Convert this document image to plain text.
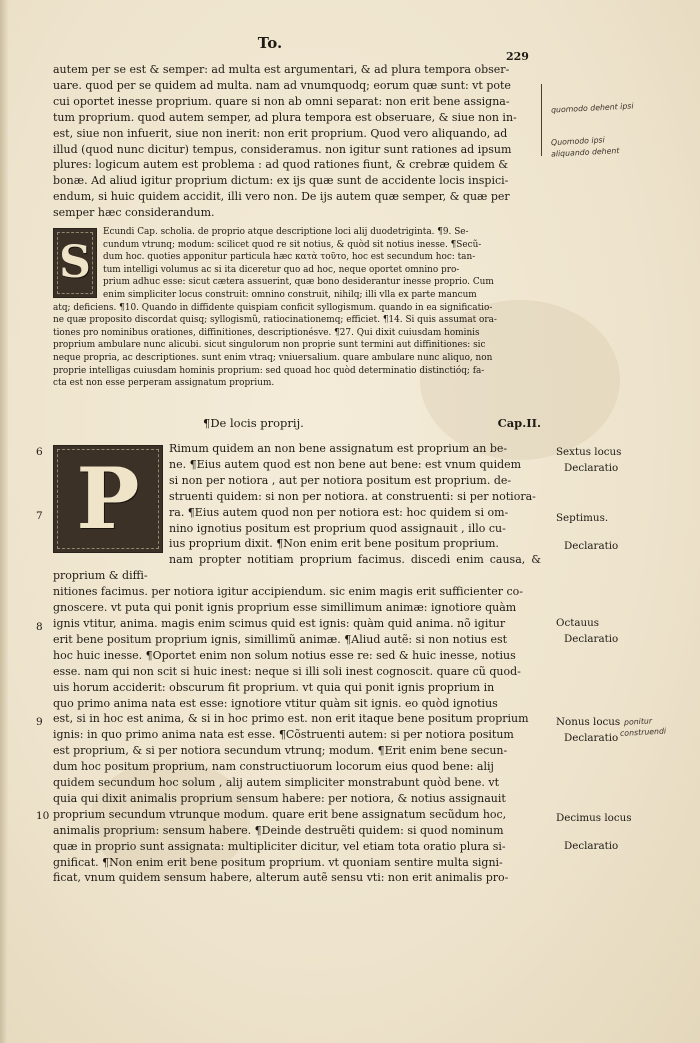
To.
229

autem per se est & semper: ad multa est argumentari, & ad plura tempora obser-

uare. quod per se quidem ad multa. nam ad vnumquodq; eorum quæ sunt: vt pote

cui oportet inesse proprium. quare si non ab omni separat: non erit bene assigna-

tum proprium. quod autem semper, ad plura tempora est obseruare, & siue non in-

est, siue non infuerit, siue non inerit: non erit proprium. Quod vero aliquando, ad

illud (quod nunc dicitur) tempus, consideramus. non igitur sunt rationes ad ipsum

plures: logicum autem est problema : ad quod rationes fiunt, & crebræ quidem &

bonæ. Ad aliud igitur proprium dictum: ex ijs quæ sunt de accidente locis inspici-

endum, si huic quidem accidit, illi vero non. De ijs autem quæ semper, & quæ per

semper hæc considerandum.

S

Ecundi Cap. scholia. de proprio atque descriptione loci alij duodetriginta. ¶9. Se-

cundum vtrunq; modum: scilicet quod re sit notius, & quòd sit notius inesse. ¶Secũ-

dum hoc. quoties apponitur particula hæc κατὰ τοῦτο, hoc est secundum hoc: tan-

tum intelligi volumus ac si ita diceretur quo ad hoc, neque oportet omnino pro-

prium adhuc esse: sicut cætera assuerint, quæ bono desiderantur inesse proprio. Cum

enim simpliciter locus construit: omnino construit, nihilq; illi vlla ex parte mancum

atq; deficiens. ¶10. Quando in diffidente quispiam conficit syllogismum. quando in ea significatio-

ne quæ proposito discordat quisq; syllogismũ, ratiocinationemq; efficiet. ¶14. Si quis assumat ora-

tiones pro nominibus orationes, diffinitiones, descriptionésve. ¶27. Qui dixit cuiusdam hominis

proprium ambulare nunc alicubi. sicut singulorum non proprie sunt termini aut diffinitiones: sic

neque propria, ac descriptiones. sunt enim vtraq; vniuersalium. quare ambulare nunc aliquo, non

proprie intelligas cuiusdam hominis proprium: sed quoad hoc quòd determinatio distinctióq; fa-

cta est non esse perperam assignatum proprium.

¶De locis proprij.	Cap.II.
P

Rimum quidem an non bene assignatum est proprium an be-

ne. ¶Eius autem quod est non bene aut bene: est vnum quidem

si non per notiora , aut per notiora positum est proprium. de-

struenti quidem: si non per notiora. at construenti: si per notiora-

ra. ¶Eius autem quod non per notiora est: hoc quidem si om-

nino ignotius positum est proprium quod assignauit , illo cu-

ius proprium dixit. ¶Non enim erit bene positum proprium.

nam propter notitiam proprium facimus. discedi enim causa, & proprium & diffi-

nitiones facimus. per notiora igitur accipiendum. sic enim magis erit sufficienter co-

gnoscere. vt puta qui ponit ignis proprium esse simillimum animæ: ignotiore quàm

ignis vtitur, anima. magis enim scimus quid est ignis: quàm quid anima. nõ igitur

erit bene positum proprium ignis, simillimũ animæ. ¶Aliud autẽ: si non notius est

hoc huic inesse. ¶Oportet enim non solum notius esse re: sed & huic inesse, notius

esse. nam qui non scit si huic inest: neque si illi soli inest cognoscit. quare cũ quod-

uis horum acciderit: obscurum fit proprium. vt quia qui ponit ignis proprium in

quo primo anima nata est esse: ignotiore vtitur quàm sit ignis. eo quòd ignotius

est, si in hoc est anima, & si in hoc primo est. non erit itaque bene positum proprium

ignis: in quo primo anima nata est esse. ¶Cõstruenti autem: si per notiora positum

est proprium, & si per notiora secundum vtrunq; modum. ¶Erit enim bene secun-

dum hoc positum proprium, nam constructiuorum locorum eius quod bene: alij

quidem secundum hoc solum , alij autem simpliciter monstrabunt quòd bene. vt

quia qui dixit animalis proprium sensum habere: per notiora, & notius assignauit

proprium secundum vtrunque modum. quare erit bene assignatum secũdum hoc,

animalis proprium: sensum habere. ¶Deinde destruẽti quidem: si quod nominum

quæ in proprio sunt assignata: multipliciter dicitur, vel etiam tota oratio plura si-

gnificat. ¶Non enim erit bene positum proprium. vt quoniam sentire multa signi-

ficat, vnum quidem sensum habere, alterum autẽ sensu vti: non erit animalis pro-

6
7
8
9
10
Sextus locus
Declaratio
Septimus.
Declaratio
Octauus
Declaratio
Nonus locus
Declaratio
Decimus locus
Declaratio
quomodo dehent ipsi
Quomodo ipsi
aliquando dehent
ponitur
construendi
